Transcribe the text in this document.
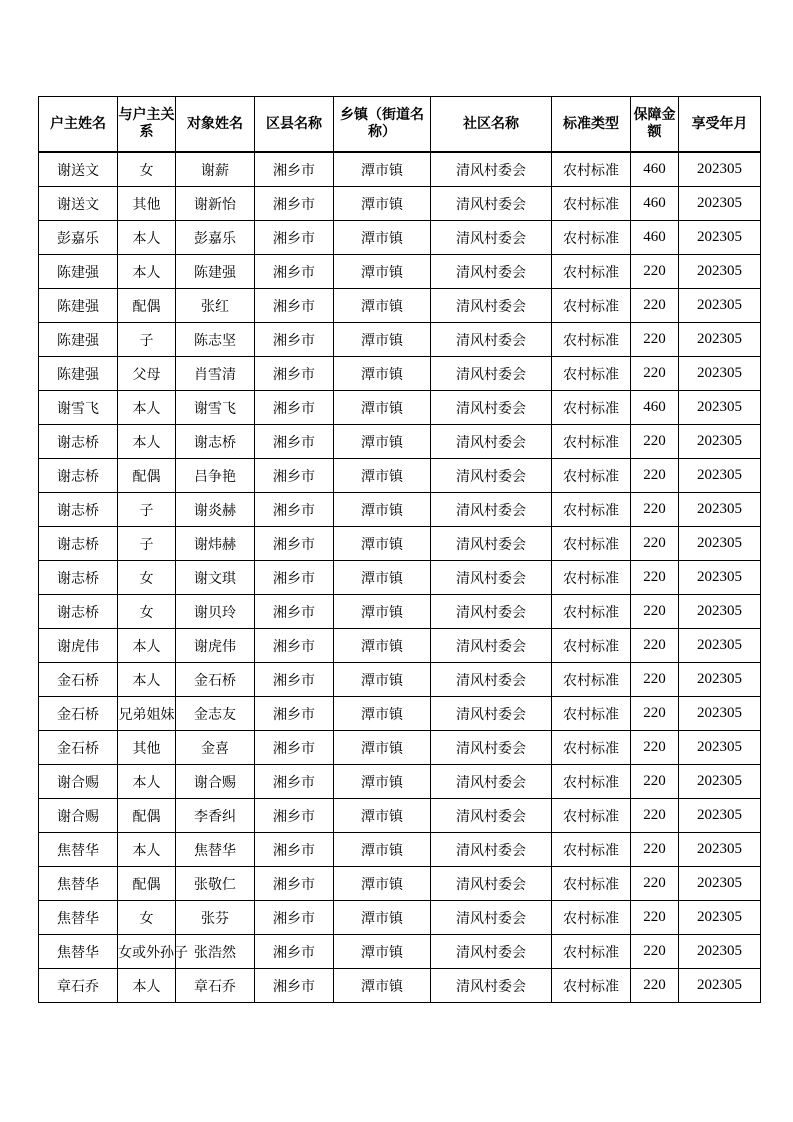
户主姓名	与户主关系	对象姓名	区县名称	乡镇（街道名称）	社区名称	标准类型	保障金额	享受年月
谢送文	女	谢薪	湘乡市	潭市镇	清风村委会	农村标准	460	202305
谢送文	其他	谢新怡	湘乡市	潭市镇	清风村委会	农村标准	460	202305
彭嘉乐	本人	彭嘉乐	湘乡市	潭市镇	清风村委会	农村标准	460	202305
陈建强	本人	陈建强	湘乡市	潭市镇	清风村委会	农村标准	220	202305
陈建强	配偶	张红	湘乡市	潭市镇	清风村委会	农村标准	220	202305
陈建强	子	陈志坚	湘乡市	潭市镇	清风村委会	农村标准	220	202305
陈建强	父母	肖雪清	湘乡市	潭市镇	清风村委会	农村标准	220	202305
谢雪飞	本人	谢雪飞	湘乡市	潭市镇	清风村委会	农村标准	460	202305
谢志桥	本人	谢志桥	湘乡市	潭市镇	清风村委会	农村标准	220	202305
谢志桥	配偶	吕争艳	湘乡市	潭市镇	清风村委会	农村标准	220	202305
谢志桥	子	谢炎赫	湘乡市	潭市镇	清风村委会	农村标准	220	202305
谢志桥	子	谢炜赫	湘乡市	潭市镇	清风村委会	农村标准	220	202305
谢志桥	女	谢文琪	湘乡市	潭市镇	清风村委会	农村标准	220	202305
谢志桥	女	谢贝玲	湘乡市	潭市镇	清风村委会	农村标准	220	202305
谢虎伟	本人	谢虎伟	湘乡市	潭市镇	清风村委会	农村标准	220	202305
金石桥	本人	金石桥	湘乡市	潭市镇	清风村委会	农村标准	220	202305
金石桥	兄弟姐妹	金志友	湘乡市	潭市镇	清风村委会	农村标准	220	202305
金石桥	其他	金喜	湘乡市	潭市镇	清风村委会	农村标准	220	202305
谢合赐	本人	谢合赐	湘乡市	潭市镇	清风村委会	农村标准	220	202305
谢合赐	配偶	李香纠	湘乡市	潭市镇	清风村委会	农村标准	220	202305
焦替华	本人	焦替华	湘乡市	潭市镇	清风村委会	农村标准	220	202305
焦替华	配偶	张敬仁	湘乡市	潭市镇	清风村委会	农村标准	220	202305
焦替华	女	张芬	湘乡市	潭市镇	清风村委会	农村标准	220	202305
焦替华	女或外孙子	张浩然	湘乡市	潭市镇	清风村委会	农村标准	220	202305
章石乔	本人	章石乔	湘乡市	潭市镇	清风村委会	农村标准	220	202305
